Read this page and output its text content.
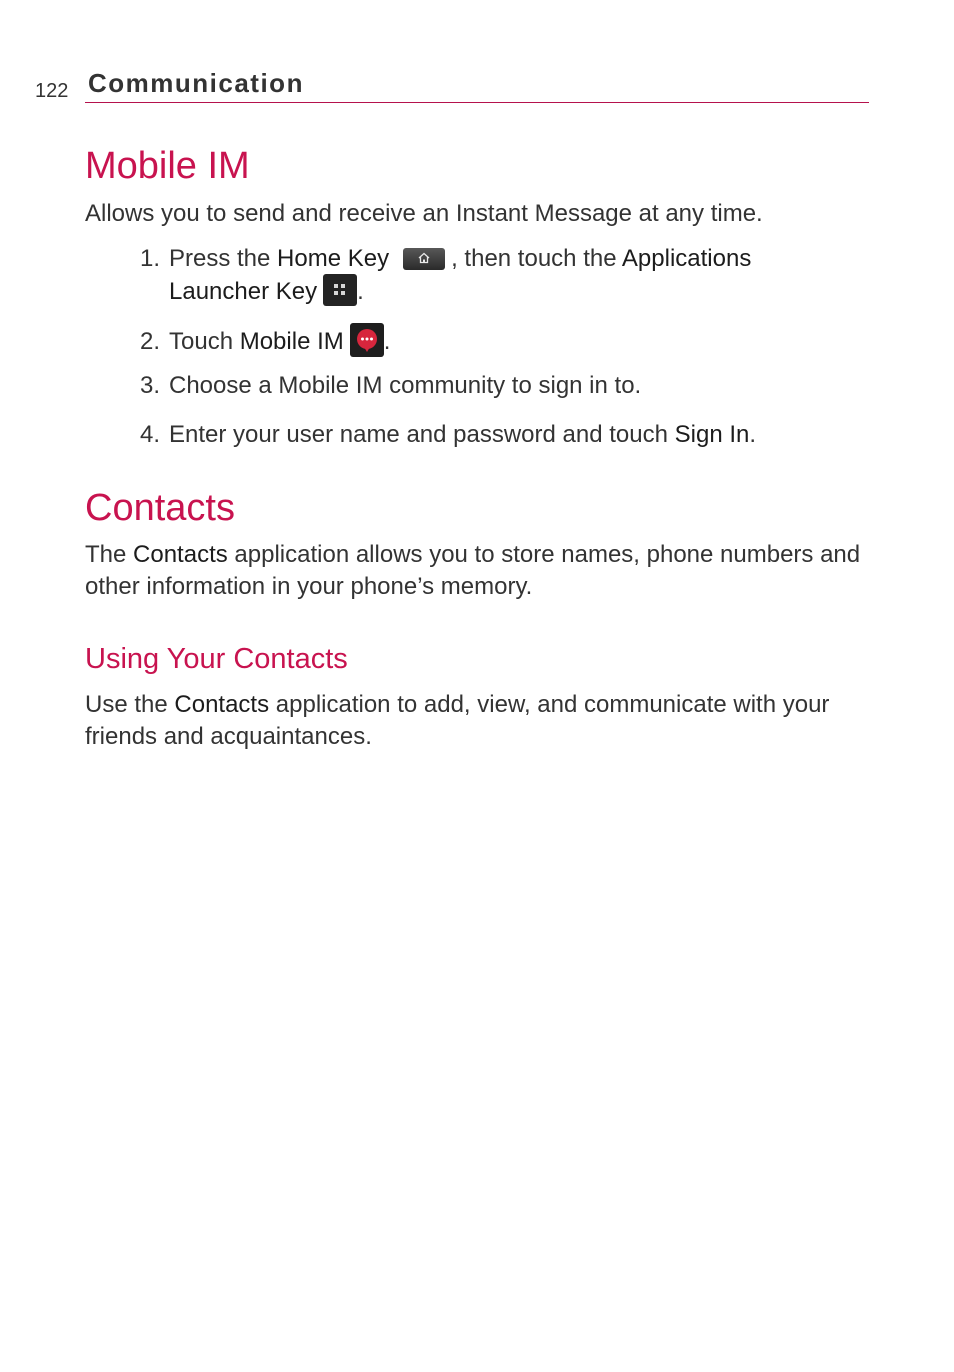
122 Communication
Mobile IM
Allows you to send and receive an Instant Message at any time.
1. Press the Home Key	, then touch the Applications
Launcher Key .
2. Touch Mobile IM .
3. Choose a Mobile IM community to sign in to.
4. Enter your user name and password and touch Sign In.
Contacts
The Contacts application allows you to store names, phone numbers and other information in your phone’s memory.
Using Your Contacts
Use the Contacts application to add, view, and communicate with your friends and acquaintances.
